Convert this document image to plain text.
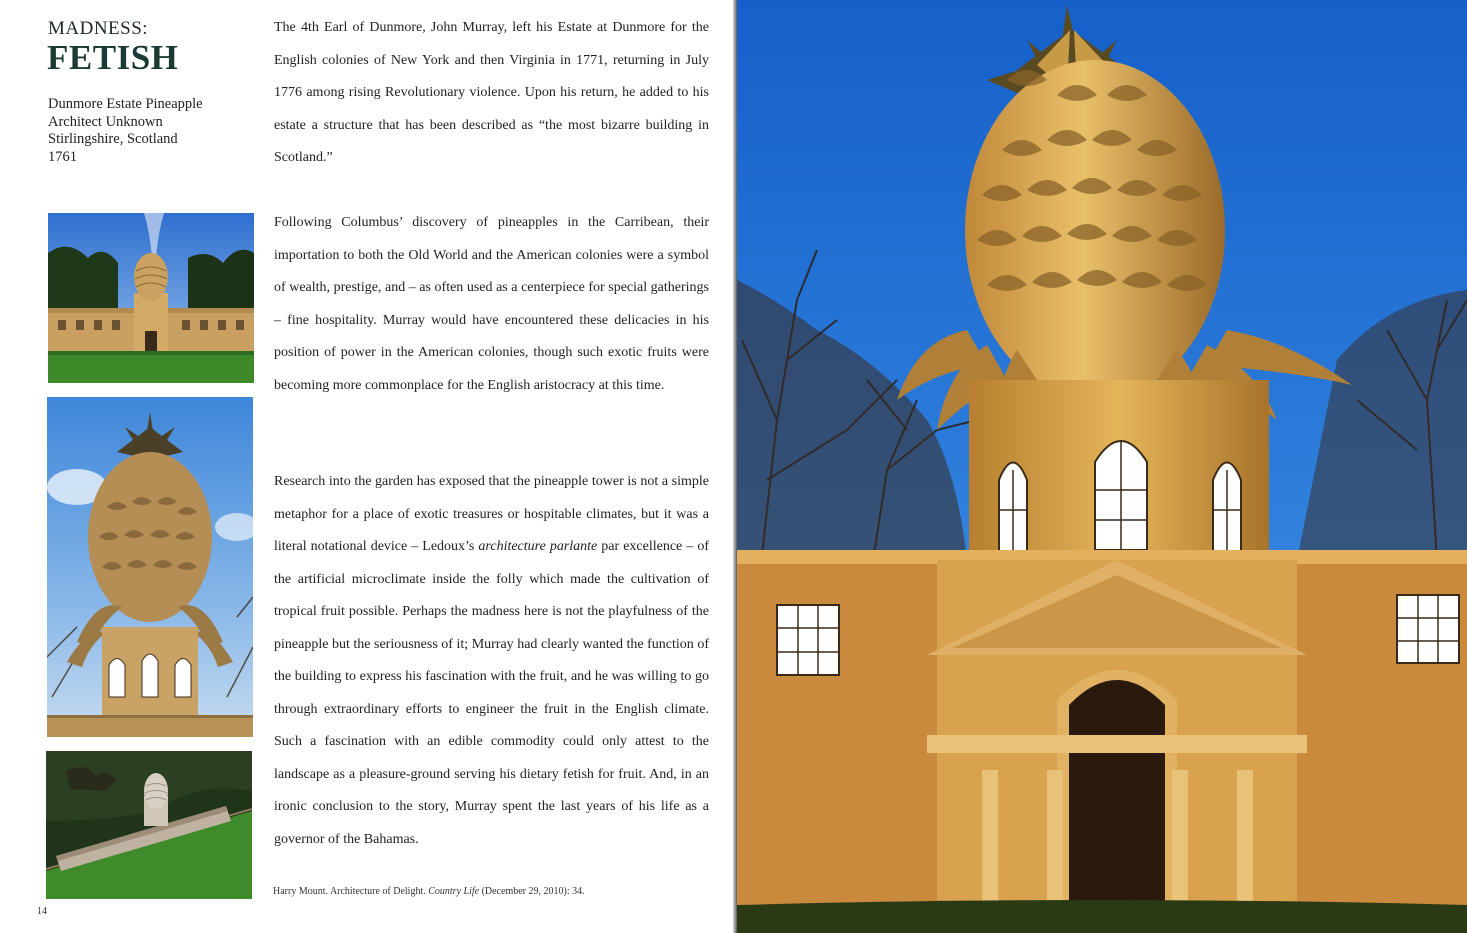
MADNESS:
FETISH
Dunmore Estate Pineapple
Architect Unknown
Stirlingshire, Scotland
1761
The 4th Earl of Dunmore, John Murray, left his Estate at Dunmore for the English colonies of New York and then Virginia in 1771, returning in July 1776 among rising Revolutionary violence. Upon his return, he added to his estate a structure that has been described as “the most bizarre building in Scotland.”
Following Columbus’ discovery of pineapples in the Carribean, their importation to both the Old World and the American colonies were a symbol of wealth, prestige, and – as often used as a centerpiece for special gatherings – fine hospitality. Murray would have encountered these delicacies in his position of power in the American colonies, though such exotic fruits were becoming more commonplace for the English aristocracy at this time.
Research into the garden has exposed that the pineapple tower is not a simple metaphor for a place of exotic treasures or hospitable climates, but it was a literal notational device – Ledoux’s architecture parlante par excellence – of the artificial microclimate inside the folly which made the cultivation of tropical fruit possible. Perhaps the madness here is not the playfulness of the pineapple but the seriousness of it; Murray had clearly wanted the function of the building to express his fascination with the fruit, and he was willing to go through extraordinary efforts to engineer the fruit in the English climate. Such a fascination with an edible commodity could only attest to the landscape as a pleasure-ground serving his dietary fetish for fruit. And, in an ironic conclusion to the story, Murray spent the last years of his life as a governor of the Bahamas.
Harry Mount. Architecture of Delight. Country Life (December 29, 2010): 34.
14
